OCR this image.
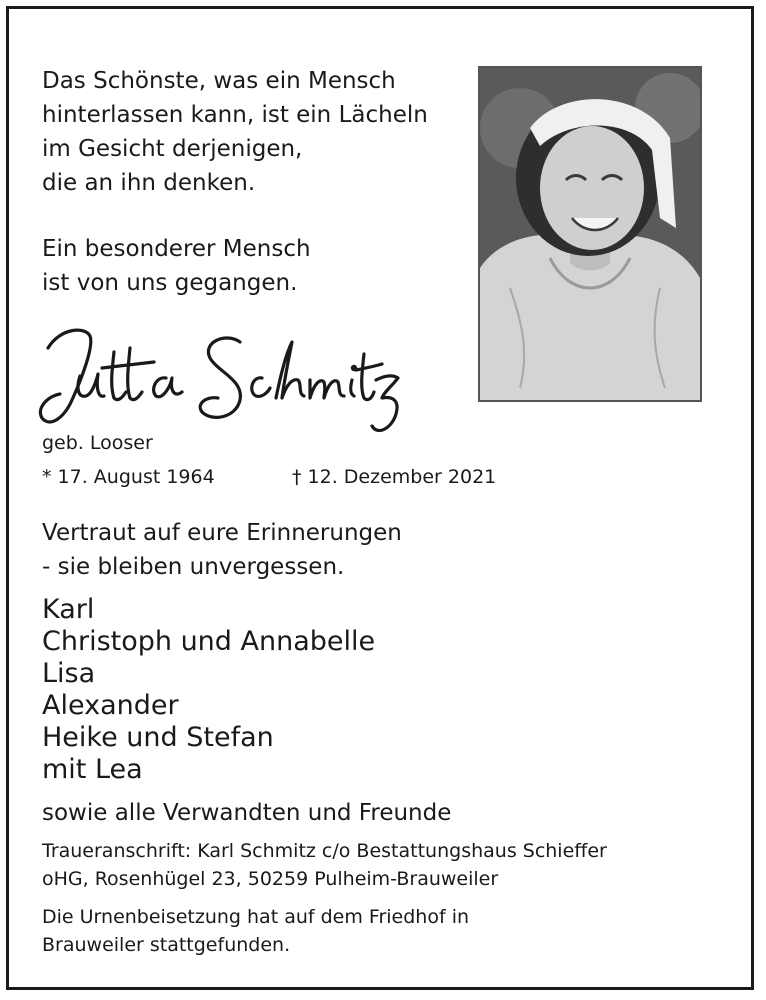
Das Schönste, was ein Mensch
hinterlassen kann, ist ein Lächeln
im Gesicht derjenigen,
die an ihn denken.
Ein besonderer Mensch
ist von uns gegangen.
geb. Looser
* 17. August 1964	† 12. Dezember 2021
Vertraut auf eure Erinnerungen
- sie bleiben unvergessen.
Karl
Christoph und Annabelle
Lisa
Alexander
Heike und Stefan
mit Lea
sowie alle Verwandten und Freunde
Traueranschrift: Karl Schmitz c/o Bestattungshaus Schieffer
oHG, Rosenhügel 23, 50259 Pulheim-Brauweiler
Die Urnenbeisetzung hat auf dem Friedhof in
Brauweiler stattgefunden.
